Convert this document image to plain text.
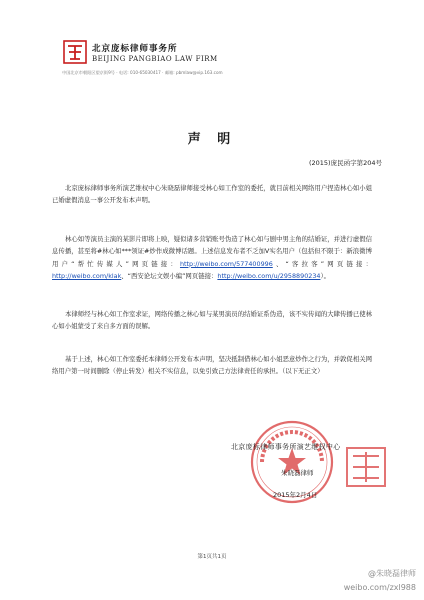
北京庞标律师事务所
BEIJING PANGBIAO LAW FIRM
中国北京市朝阳区望京街9号 · 电话: 010-65030417 · 邮箱: pbmlaw@vip.163.com
声 明
(2015)庞民函字第204号

北京庞标律师事务所演艺维权中心朱晓磊律师接受林心如工作室的委托，就目前相关网络用户捏造林心如小姐已婚虚假消息一事公开发布本声明。

林心如等演员主演的某影片即将上映，疑似诸多营销账号伪造了林心如与剧中男主角的结婚证，并进行虚假信息传播，甚至将#林心如***领证#炒作成微博话题。上述信息发布者不乏加V实名用户（包括但不限于：新浪微博用户“帮忙传媒人”网页链接：http://weibo.com/577400996、“客拉客”网页链接：http://weibo.com/klak、“西安论坛文娱小编”网页链接：http://weibo.com/u/2958890234）。

本律师经与林心如工作室求证，网络传播之林心如与某男演员的结婚证系伪造，该不实传闻的大肆传播已使林心如小姐蒙受了来自多方面的误解。

基于上述，林心如工作室委托本律师公开发布本声明，坚决抵制借林心如小姐恶意炒作之行为，并敦促相关网络用户第一时间删除（停止转发）相关不实信息，以免引致己方法律责任的承担。（以下无正文）

北京庞标律师事务所演艺维权中心
朱晓磊律师
2015年2月4日
第1页共1页
@朱晓磊律师
weibo.com/zxl988
